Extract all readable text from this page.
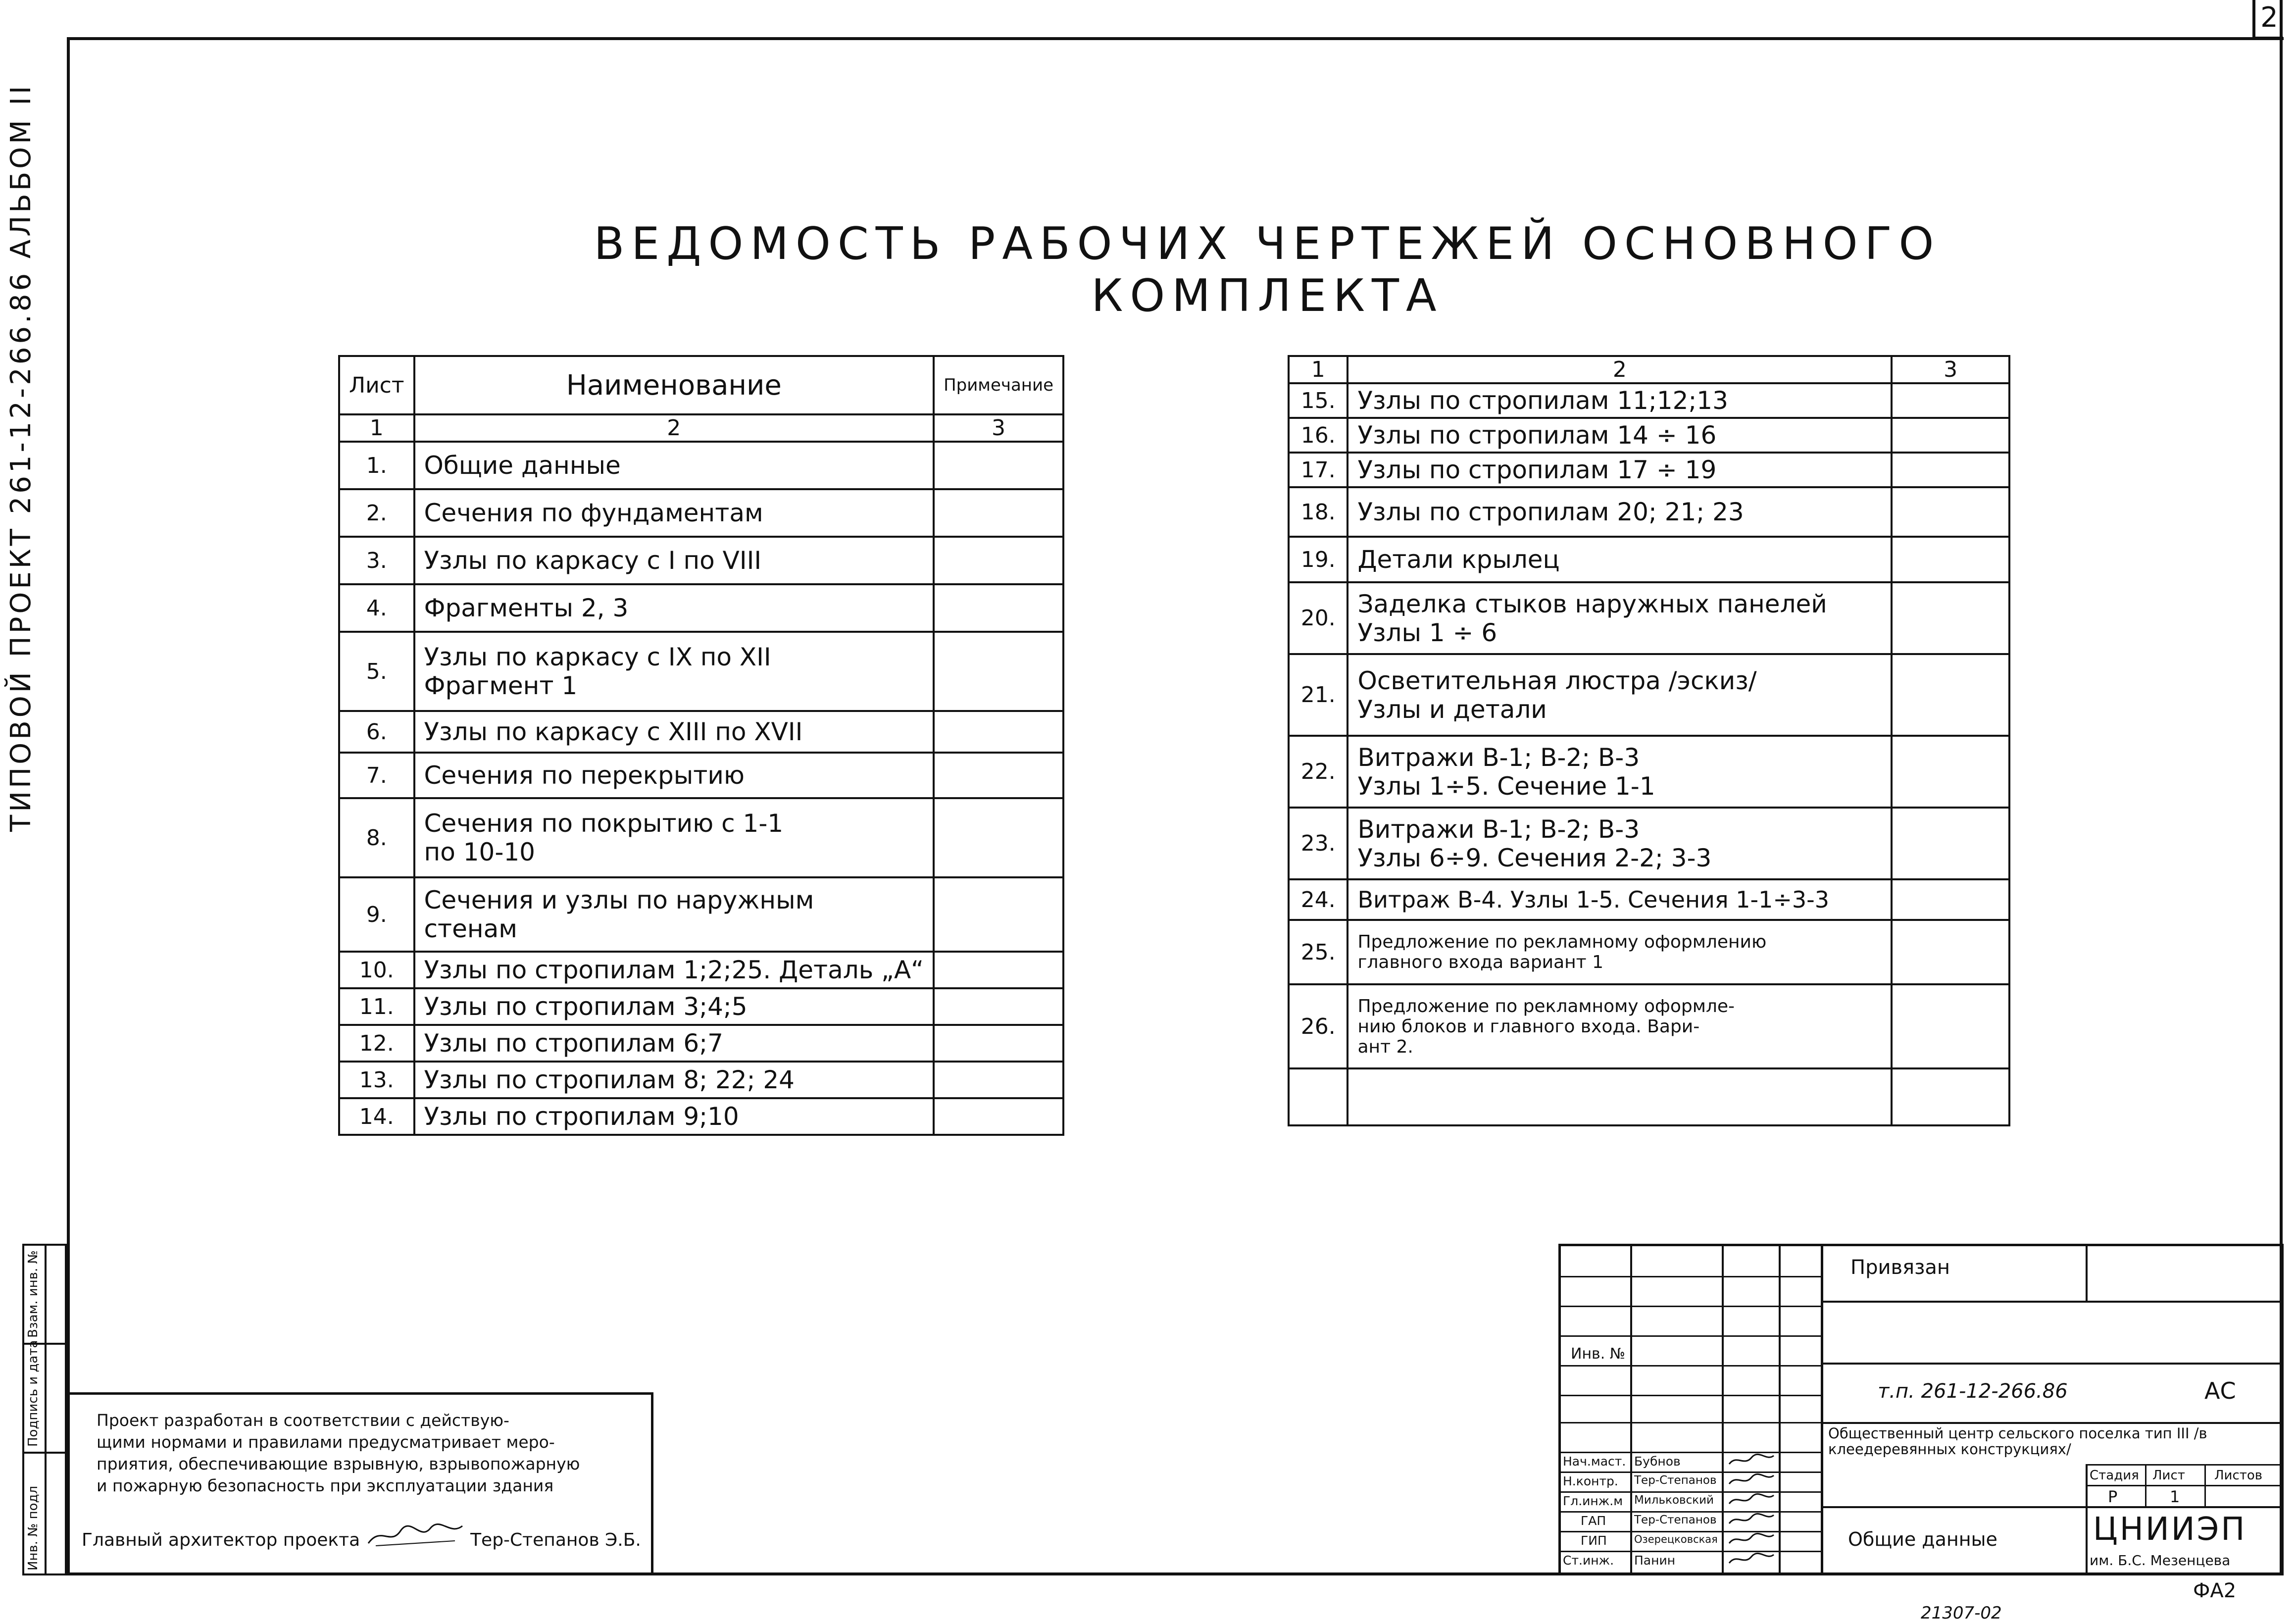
2
ТИПОВОЙ ПРОЕКТ 261-12-266.86 АЛЬБОМ II	ВЕДОМОСТЬ РАБОЧИХ ЧЕРТЕЖЕЙ ОСНОВНОГО КОМПЛЕКТА
Лист	Наименование	Примечание
1	2	3
1.	Общие данные	
2.	Сечения по фундаментам	
3.	Узлы по каркасу с I по VIII	
4.	Фрагменты 2, 3	
5.	Узлы по каркасу с IX по XII
Фрагмент 1	

6.	Узлы по каркасу с XIII по XVII	
7.	Сечения по перекрытию	
8.	Сечения по покрытию с 1-1
по 10-10	

9.	Сечения и узлы по наружным
стенам	

10.	Узлы по стропилам 1;2;25. Деталь „А“	
11.	Узлы по стропилам 3;4;5	
12.	Узлы по стропилам 6;7	
13.	Узлы по стропилам 8; 22; 24	
14.	Узлы по стропилам 9;10	
1	2	3
15.	Узлы по стропилам 11;12;13	
16.	Узлы по стропилам 14 ÷ 16	
17.	Узлы по стропилам 17 ÷ 19	
18.	Узлы по стропилам 20; 21; 23	
19.	Детали крылец	
20.	Заделка стыков наружных панелей
Узлы 1 ÷ 6	

21.	Осветительная люстра /эскиз/
Узлы и детали	

22.	Витражи В-1; В-2; В-3
Узлы 1÷5. Сечение 1-1	

23.	Витражи В-1; В-2; В-3
Узлы 6÷9. Сечения 2-2; 3-3	

24.	Витраж В-4. Узлы 1-5. Сечения 1-1÷3-3	
25.	Предложение по рекламному оформлению
главного входа вариант 1	

26.	Предложение по рекламному оформле-
нию блоков и главного входа. Вари-
ант 2.	

Инв. № подл
Подпись и дата
Взам. инв. №
Проект разработан в соответствии с действую-
щими нормами и правилами предусматривает меро-
приятия, обеспечивающие взрывную, взрывопожарную
и пожарную безопасность при эксплуатации здания
Главный архитектор проекта	Тер-Степанов Э.Б.
Привязан
Инв. №
т.п. 261-12-266.86	АС
Общественный центр сельского поселка тип III /в клеедеревянных конструкциях/
Общие данные
Стадия Лист Листов
Р	1
ЦНИИЭП
им. Б.С. Мезенцева
Нач.маст. Бубнов
Н.контр. Тер-Степанов
Гл.инж.м Мильковский
ГАП Тер-Степанов
ГИП	Озерецковская
Ст.инж. Панин
ФА2
21307-02
